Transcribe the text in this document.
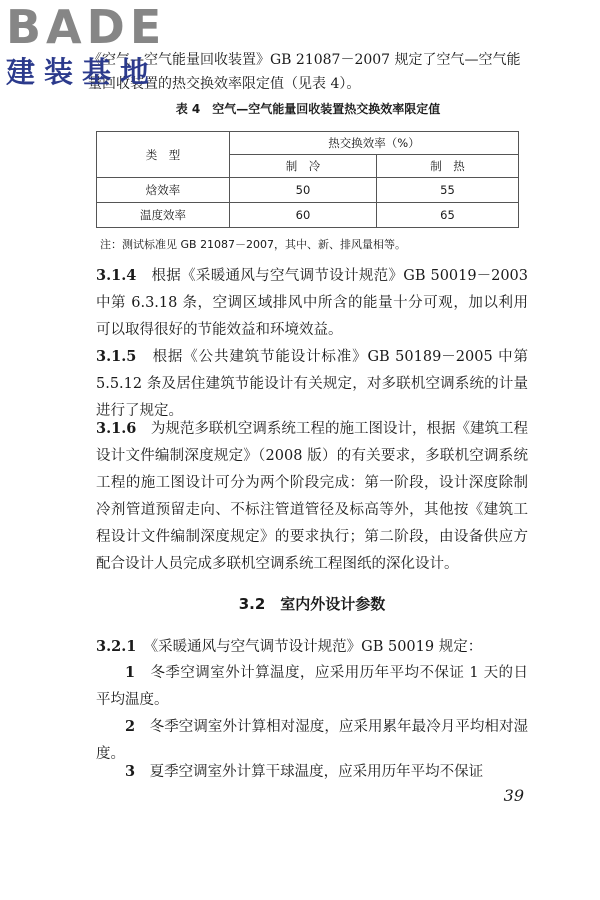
BADE
建装基地

《空气—空气能量回收装置》GB 21087－2007 规定了空气—空气能量回收装置的热交换效率限定值（见表 4）。

表 4　空气—空气能量回收装置热交换效率限定值
类　型	热交换效率（%）	
	制　冷	制　热
焓效率	50	55
温度效率	60	65
注：测试标准见 GB 21087－2007，其中、新、排风量相等。
3.1.4　 根据《采暖通风与空气调节设计规范》GB 50019－2003 中第 6.3.18 条，空调区域排风中所含的能量十分可观，加以利用可以取得很好的节能效益和环境效益。
3.1.5　 根据《公共建筑节能设计标准》GB 50189－2005 中第 5.5.12 条及居住建筑节能设计有关规定，对多联机空调系统的计量进行了规定。
3.1.6　 为规范多联机空调系统工程的施工图设计，根据《建筑工程设计文件编制深度规定》（2008 版）的有关要求，多联机空调系统工程的施工图设计可分为两个阶段完成：第一阶段，设计深度除制冷剂管道预留走向、不标注管道管径及标高等外，其他按《建筑工程设计文件编制深度规定》的要求执行；第二阶段，由设备供应方配合设计人员完成多联机空调系统工程图纸的深化设计。
3.2　室内外设计参数
3.2.1　 《采暖通风与空气调节设计规范》GB 50019 规定：
1　 冬季空调室外计算温度，应采用历年平均不保证 1 天的日平均温度。
2　 冬季空调室外计算相对湿度，应采用累年最冷月平均相对湿度。
3　 夏季空调室外计算干球温度，应采用历年平均不保证
39
